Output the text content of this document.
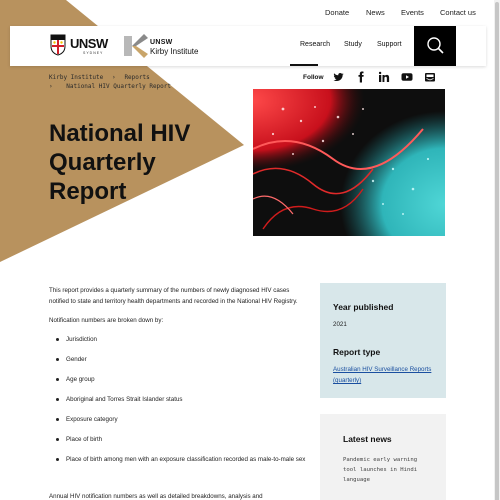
Donate News Events Contact us
UNSW
SYDNEY
UNSW
Kirby Institute
Research Study Support
Kirby Institute › Reports
› National HIV Quarterly Report
Follow
National HIV Quarterly Report

This report provides a quarterly summary of the numbers of newly diagnosed HIV cases notified to state and territory health departments and recorded in the National HIV Registry.

Notification numbers are broken down by:

Jurisdiction
Gender
Age group
Aboriginal and Torres Strait Islander status
Exposure category
Place of birth
Place of birth among men with an exposure classification recorded as male-to-male sex

Annual HIV notification numbers as well as detailed breakdowns, analysis and

Year published
2021
Report type
Australian HIV Surveillance Reports (quarterly)
Latest news
Pandemic early warning tool launches in Hindi language
